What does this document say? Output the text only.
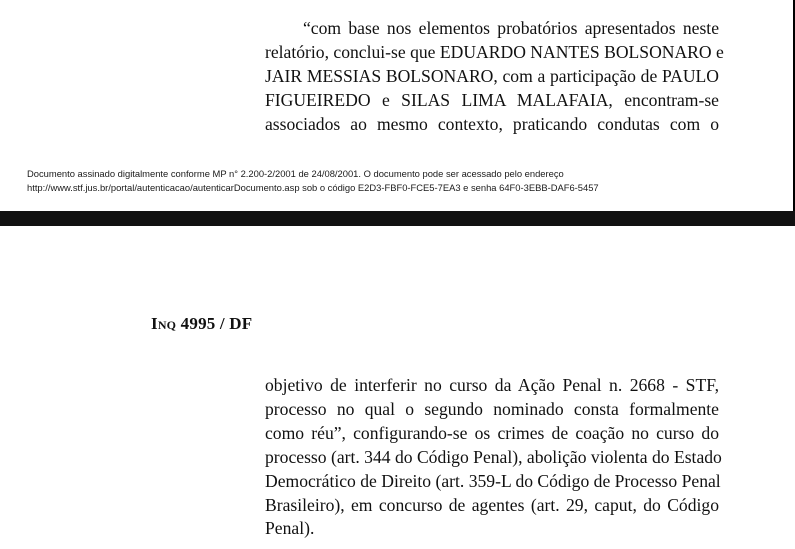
“com base nos elementos probatórios apresentados neste
relatório, conclui-se que EDUARDO NANTES BOLSONARO e
JAIR MESSIAS BOLSONARO, com a participação de PAULO
FIGUEIREDO e SILAS LIMA MALAFAIA, encontram-se
associados ao mesmo contexto, praticando condutas com o
Documento assinado digitalmente conforme MP n° 2.200-2/2001 de 24/08/2001. O documento pode ser acessado pelo endereço
http://www.stf.jus.br/portal/autenticacao/autenticarDocumento.asp sob o código E2D3-FBF0-FCE5-7EA3 e senha 64F0-3EBB-DAF6-5457
Inq 4995 / DF
objetivo de interferir no curso da Ação Penal n. 2668 - STF,
processo no qual o segundo nominado consta formalmente
como réu”, configurando-se os crimes de coação no curso do
processo (art. 344 do Código Penal), abolição violenta do Estado
Democrático de Direito (art. 359-L do Código de Processo Penal
Brasileiro), em concurso de agentes (art. 29, caput, do Código
Penal).
